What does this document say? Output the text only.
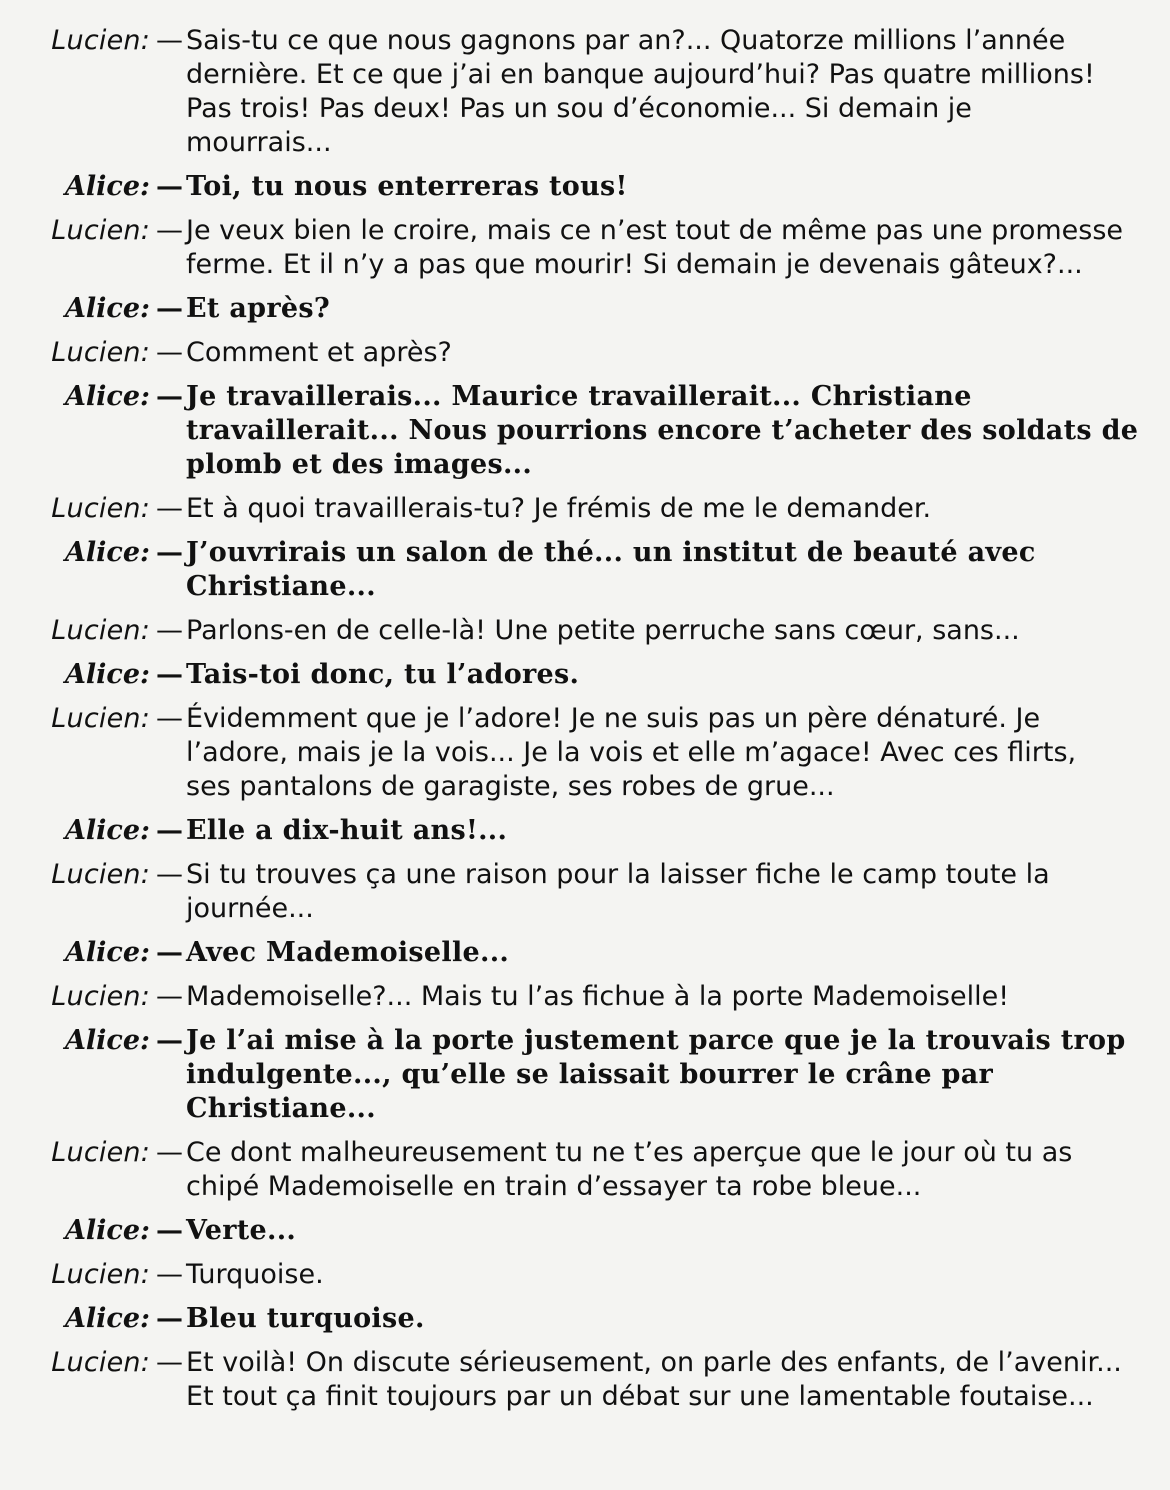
Lucien: — Sais-tu ce que nous gagnons par an?... Quatorze millions l’année
dernière. Et ce que j’ai en banque aujourd’hui? Pas quatre millions!
Pas trois! Pas deux! Pas un sou d’économie... Si demain je
mourrais...
Alice: — Toi, tu nous enterreras tous!
Lucien: — Je veux bien le croire, mais ce n’est tout de même pas une promesse
ferme. Et il n’y a pas que mourir! Si demain je devenais gâteux?...
Alice: — Et après?
Lucien: — Comment et après?
Alice: — Je travaillerais... Maurice travaillerait... Christiane
travaillerait... Nous pourrions encore t’acheter des soldats de
plomb et des images...
Lucien: — Et à quoi travaillerais-tu? Je frémis de me le demander.
Alice: — J’ouvrirais un salon de thé... un institut de beauté avec
Christiane...
Lucien: — Parlons-en de celle-là! Une petite perruche sans cœur, sans...
Alice: — Tais-toi donc, tu l’adores.
Lucien: — Évidemment que je l’adore! Je ne suis pas un père dénaturé. Je
l’adore, mais je la vois... Je la vois et elle m’agace! Avec ces flirts,
ses pantalons de garagiste, ses robes de grue...
Alice: — Elle a dix-huit ans!...
Lucien: — Si tu trouves ça une raison pour la laisser fiche le camp toute la
journée...
Alice: — Avec Mademoiselle...
Lucien: — Mademoiselle?... Mais tu l’as fichue à la porte Mademoiselle!
Alice: — Je l’ai mise à la porte justement parce que je la trouvais trop
indulgente..., qu’elle se laissait bourrer le crâne par
Christiane...
Lucien: — Ce dont malheureusement tu ne t’es aperçue que le jour où tu as
chipé Mademoiselle en train d’essayer ta robe bleue...
Alice: — Verte...
Lucien: — Turquoise.
Alice: — Bleu turquoise.
Lucien: — Et voilà! On discute sérieusement, on parle des enfants, de l’avenir...
Et tout ça finit toujours par un débat sur une lamentable foutaise...
